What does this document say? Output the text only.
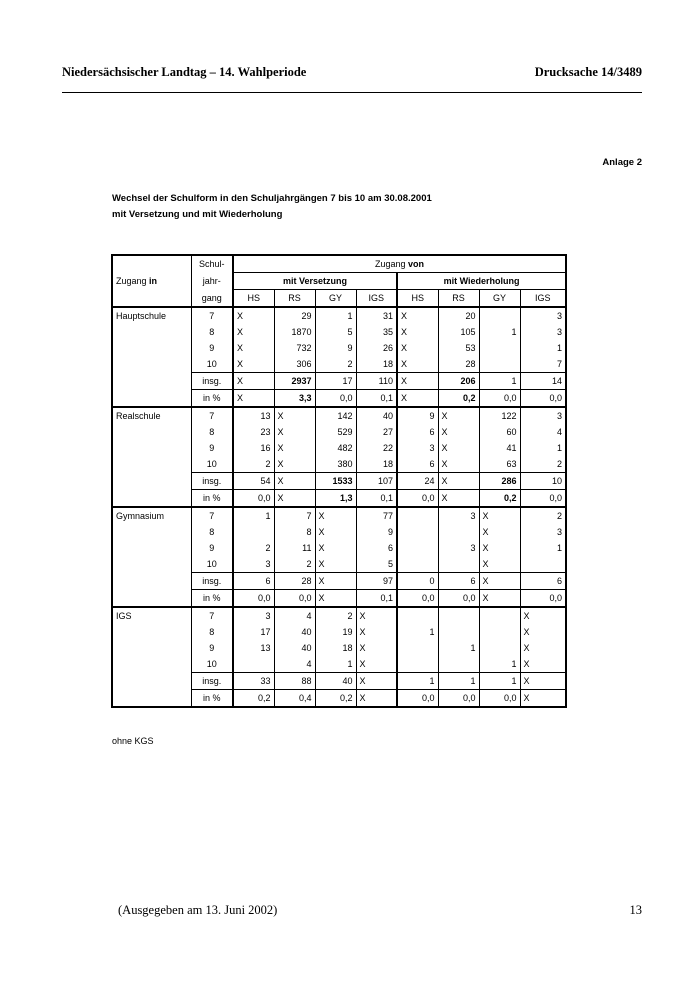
Niedersächsischer Landtag – 14. Wahlperiode	Drucksache 14/3489
Anlage 2
Wechsel der Schulform in den Schuljahrgängen 7 bis 10 am 30.08.2001
mit Versetzung und mit Wiederholung
Zugang in	Schul-	Zugang von							
	jahr-	mit Versetzung				mit Wiederholung			
	gang	HS	RS	GY	IGS	HS	RS	GY	IGS
Hauptschule	7	X	29	1	31	X	20		3
	8	X	1870	5	35	X	105	1	3
	9	X	732	9	26	X	53		1
	10	X	306	2	18	X	28		7
	insg.	X	2937	17	110	X	206	1	14
	in %	X	3,3	0,0	0,1	X	0,2	0,0	0,0
Realschule	7	13	X	142	40	9	X	122	3
	8	23	X	529	27	6	X	60	4
	9	16	X	482	22	3	X	41	1
	10	2	X	380	18	6	X	63	2
	insg.	54	X	1533	107	24	X	286	10
	in %	0,0	X	1,3	0,1	0,0	X	0,2	0,0
Gymnasium	7	1	7	X	77		3	X	2
	8		8	X	9			X	3
	9	2	11	X	6		3	X	1
	10	3	2	X	5			X	
	insg.	6	28	X	97	0	6	X	6
	in %	0,0	0,0	X	0,1	0,0	0,0	X	0,0
IGS	7	3	4	2	X				X
	8	17	40	19	X	1			X
	9	13	40	18	X		1		X
	10		4	1	X			1	X
	insg.	33	88	40	X	1	1	1	X
	in %	0,2	0,4	0,2	X	0,0	0,0	0,0	X
ohne KGS
(Ausgegeben am 13. Juni 2002)	13
